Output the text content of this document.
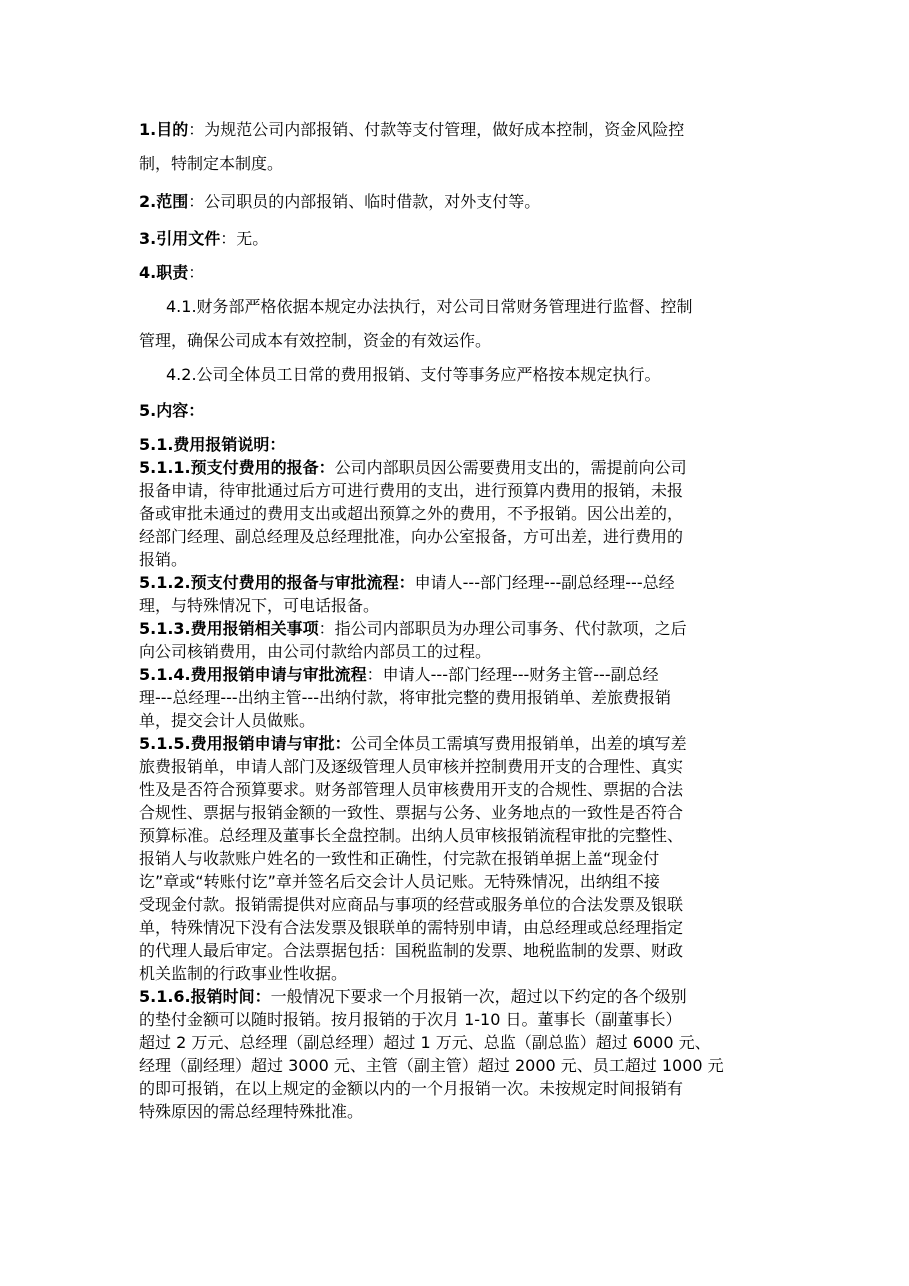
1.目的：为规范公司内部报销、付款等支付管理，做好成本控制，资金风险控
制，特制定本制度。
2.范围：公司职员的内部报销、临时借款，对外支付等。
3.引用文件：无。
4.职责：
4.1.财务部严格依据本规定办法执行，对公司日常财务管理进行监督、控制
管理，确保公司成本有效控制，资金的有效运作。
4.2.公司全体员工日常的费用报销、支付等事务应严格按本规定执行。
5.内容：
5.1.费用报销说明：
5.1.1.预支付费用的报备：公司内部职员因公需要费用支出的，需提前向公司
报备申请，待审批通过后方可进行费用的支出，进行预算内费用的报销，未报
备或审批未通过的费用支出或超出预算之外的费用，不予报销。因公出差的，
经部门经理、副总经理及总经理批准，向办公室报备，方可出差，进行费用的
报销。
5.1.2.预支付费用的报备与审批流程：申请人---部门经理---副总经理---总经
理，与特殊情况下，可电话报备。
5.1.3.费用报销相关事项：指公司内部职员为办理公司事务、代付款项，之后
向公司核销费用，由公司付款给内部员工的过程。
5.1.4.费用报销申请与审批流程：申请人---部门经理---财务主管---副总经
理---总经理---出纳主管---出纳付款，将审批完整的费用报销单、差旅费报销
单，提交会计人员做账。
5.1.5.费用报销申请与审批：公司全体员工需填写费用报销单，出差的填写差
旅费报销单，申请人部门及逐级管理人员审核并控制费用开支的合理性、真实
性及是否符合预算要求。财务部管理人员审核费用开支的合规性、票据的合法
合规性、票据与报销金额的一致性、票据与公务、业务地点的一致性是否符合
预算标准。总经理及董事长全盘控制。出纳人员审核报销流程审批的完整性、
报销人与收款账户姓名的一致性和正确性，付完款在报销单据上盖“现金付
讫”章或“转账付讫”章并签名后交会计人员记账。无特殊情况，出纳组不接
受现金付款。报销需提供对应商品与事项的经营或服务单位的合法发票及银联
单，特殊情况下没有合法发票及银联单的需特别申请，由总经理或总经理指定
的代理人最后审定。合法票据包括：国税监制的发票、地税监制的发票、财政
机关监制的行政事业性收据。
5.1.6.报销时间：一般情况下要求一个月报销一次，超过以下约定的各个级别
的垫付金额可以随时报销。按月报销的于次月 1-10 日。董事长（副董事长）
超过 2 万元、总经理（副总经理）超过 1 万元、总监（副总监）超过 6000 元、
经理（副经理）超过 3000 元、主管（副主管）超过 2000 元、员工超过 1000 元
的即可报销，在以上规定的金额以内的一个月报销一次。未按规定时间报销有
特殊原因的需总经理特殊批准。
